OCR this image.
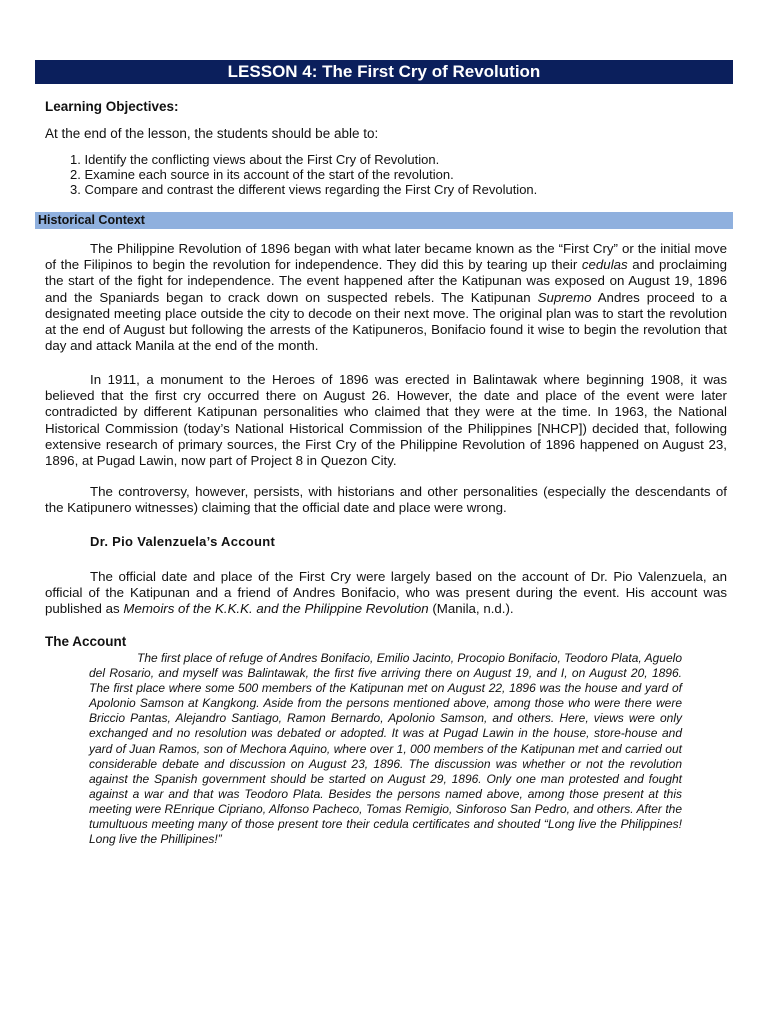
LESSON 4: The First Cry of Revolution
Learning Objectives:
At the end of the lesson, the students should be able to:
1. Identify the conflicting views about the First Cry of Revolution.
2. Examine each source in its account of the start of the revolution.
3. Compare and contrast the different views regarding the First Cry of Revolution.
Historical Context

The Philippine Revolution of 1896 began with what later became known as the “First Cry” or the initial move of the Filipinos to begin the revolution for independence. They did this by tearing up their cedulas and proclaiming the start of the fight for independence. The event happened after the Katipunan was exposed on August 19, 1896 and the Spaniards began to crack down on suspected rebels. The Katipunan Supremo Andres proceed to a designated meeting place outside the city to decode on their next move. The original plan was to start the revolution at the end of August but following the arrests of the Katipuneros, Bonifacio found it wise to begin the revolution that day and attack Manila at the end of the month.

In 1911, a monument to the Heroes of 1896 was erected in Balintawak where beginning 1908, it was believed that the first cry occurred there on August 26. However, the date and place of the event were later contradicted by different Katipunan personalities who claimed that they were at the time. In 1963, the National Historical Commission (today’s National Historical Commission of the Philippines [NHCP]) decided that, following extensive research of primary sources, the First Cry of the Philippine Revolution of 1896 happened on August 23, 1896, at Pugad Lawin, now part of Project 8 in Quezon City.

The controversy, however, persists, with historians and other personalities (especially the descendants of the Katipunero witnesses) claiming that the official date and place were wrong.

Dr. Pio Valenzuela’s Account

The official date and place of the First Cry were largely based on the account of Dr. Pio Valenzuela, an official of the Katipunan and a friend of Andres Bonifacio, who was present during the event. His account was published as Memoirs of the K.K.K. and the Philippine Revolution (Manila, n.d.).

The Account

The first place of refuge of Andres Bonifacio, Emilio Jacinto, Procopio Bonifacio, Teodoro Plata, Aguelo del Rosario, and myself was Balintawak, the first five arriving there on August 19, and I, on August 20, 1896. The first place where some 500 members of the Katipunan met on August 22, 1896 was the house and yard of Apolonio Samson at Kangkong. Aside from the persons mentioned above, among those who were there were Briccio Pantas, Alejandro Santiago, Ramon Bernardo, Apolonio Samson, and others. Here, views were only exchanged and no resolution was debated or adopted. It was at Pugad Lawin in the house, store-house and yard of Juan Ramos, son of Mechora Aquino, where over 1, 000 members of the Katipunan met and carried out considerable debate and discussion on August 23, 1896. The discussion was whether or not the revolution against the Spanish government should be started on August 29, 1896. Only one man protested and fought against a war and that was Teodoro Plata. Besides the persons named above, among those present at this meeting were REnrique Cipriano, Alfonso Pacheco, Tomas Remigio, Sinforoso San Pedro, and others. After the tumultuous meeting many of those present tore their cedula certificates and shouted “Long live the Philippines! Long live the Phillipines!”
